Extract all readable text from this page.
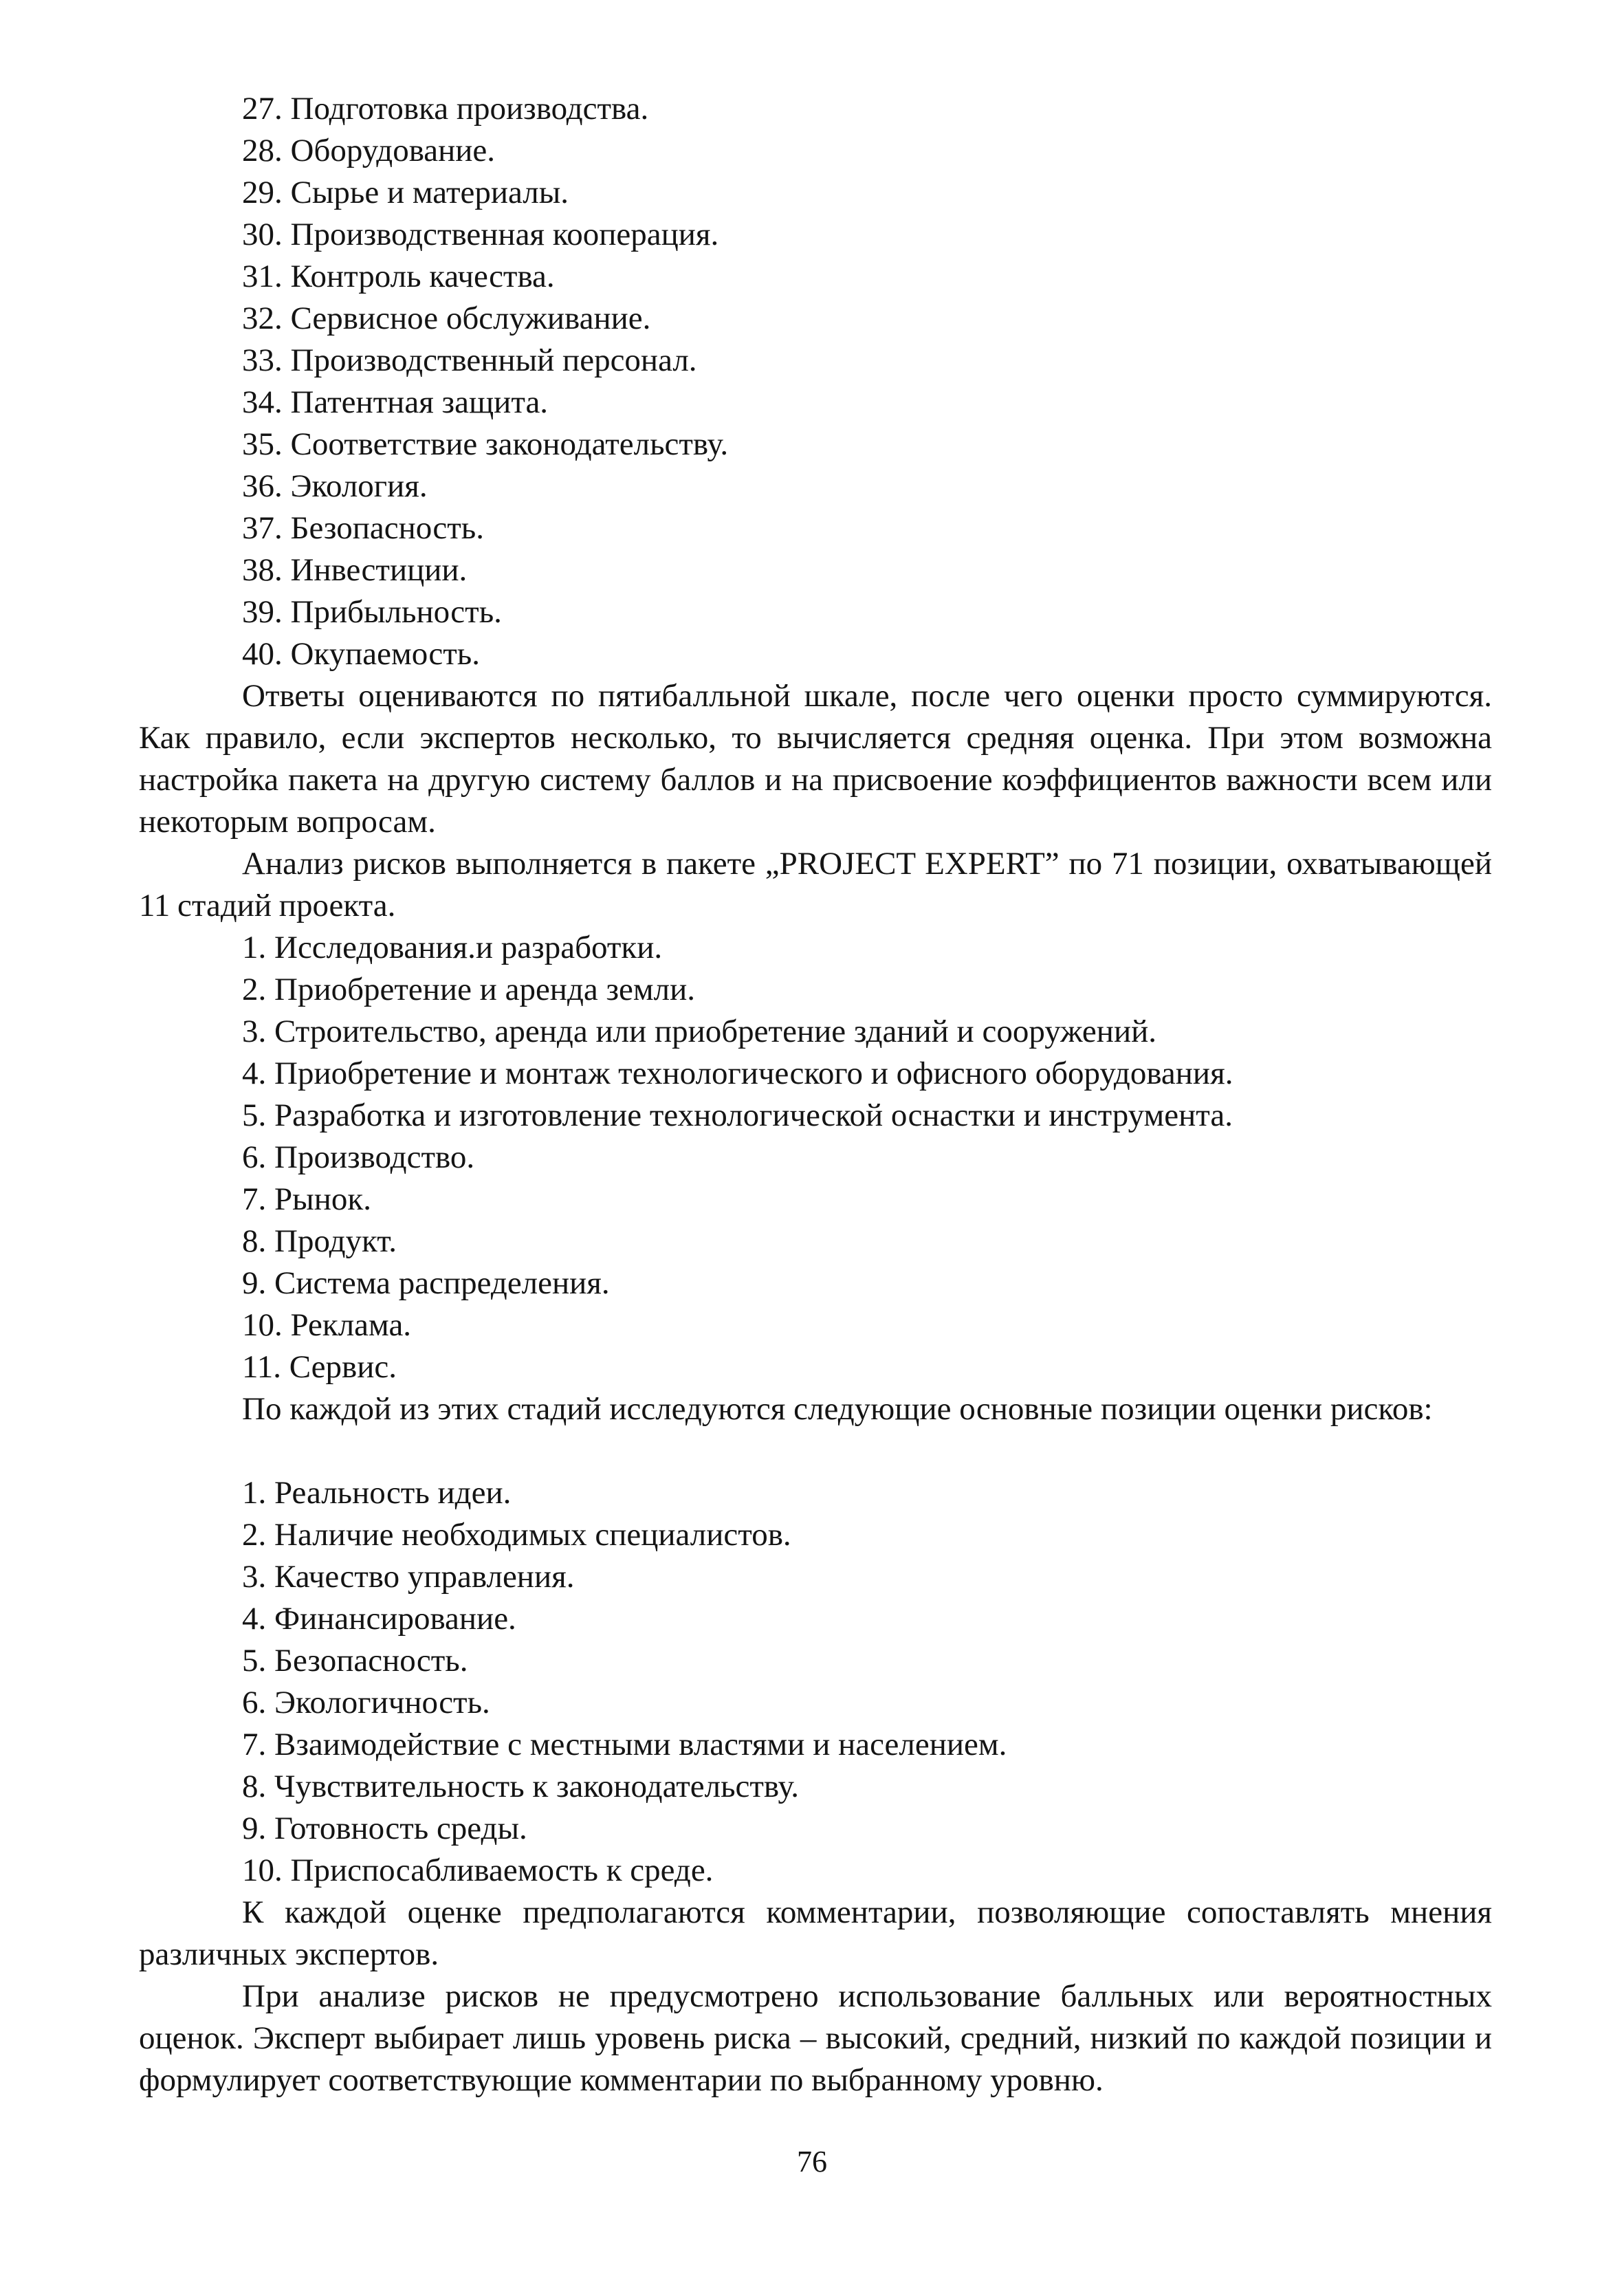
27. Подготовка производства.
28. Оборудование.
29. Сырье и материалы.
30. Производственная кооперация.
31. Контроль качества.
32. Сервисное обслуживание.
33. Производственный персонал.
34. Патентная защита.
35. Соответствие законодательству.
36. Экология.
37. Безопасность.
38. Инвестиции.
39. Прибыльность.
40. Окупаемость.

Ответы оцениваются по пятибалльной шкале, после чего оценки просто суммируются. Как правило, если экспертов несколько, то вычисляется средняя оценка. При этом возможна настройка пакета на другую систему баллов и на присвоение коэффициентов важности всем или некоторым вопросам.

Анализ рисков выполняется в пакете „PROJECT EXPERT” по 71 позиции, охватывающей 11 стадий проекта.

1. Исследования.и разработки.
2. Приобретение и аренда земли.
3. Строительство, аренда или приобретение зданий и сооружений.
4. Приобретение и монтаж технологического и офисного оборудования.
5. Разработка и изготовление технологической оснастки и инструмента.
6. Производство.
7. Рынок.
8. Продукт.
9. Система распределения.
10. Реклама.
11. Сервис.

По каждой из этих стадий исследуются следующие основные позиции оценки рисков:

1. Реальность идеи.
2. Наличие необходимых специалистов.
3. Качество управления.
4. Финансирование.
5. Безопасность.
6. Экологичность.
7. Взаимодействие с местными властями и населением.
8. Чувствительность к законодательству.
9. Готовность среды.
10. Приспосабливаемость к среде.

К каждой оценке предполагаются комментарии, позволяющие сопоставлять мнения различных экспертов.

При анализе рисков не предусмотрено использование балльных или вероятностных оценок. Эксперт выбирает лишь уровень риска – высокий, средний, низкий по каждой позиции и формулирует соответствующие комментарии по выбранному уровню.

76
